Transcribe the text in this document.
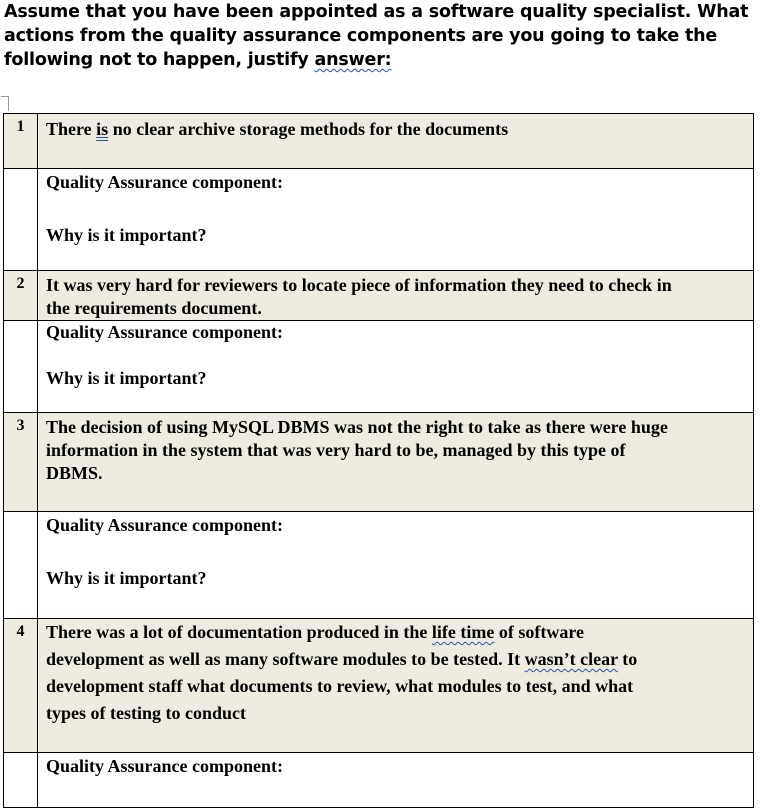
Assume that you have been appointed as a software quality specialist. What
actions from the quality assurance components are you going to take the
following not to happen, justify answer:
1	There is no clear archive storage methods for the documents
Quality Assurance component:
Why is it important?
2	It was very hard for reviewers to locate piece of information they need to check in
the requirements document.
Quality Assurance component:
Why is it important?
3	The decision of using MySQL DBMS was not the right to take as there were huge
information in the system that was very hard to be, managed by this type of
DBMS.
Quality Assurance component:
Why is it important?
4	There was a lot of documentation produced in the life time of software
development as well as many software modules to be tested. It wasn’t clear to
development staff what documents to review, what modules to test, and what
types of testing to conduct
Quality Assurance component:
